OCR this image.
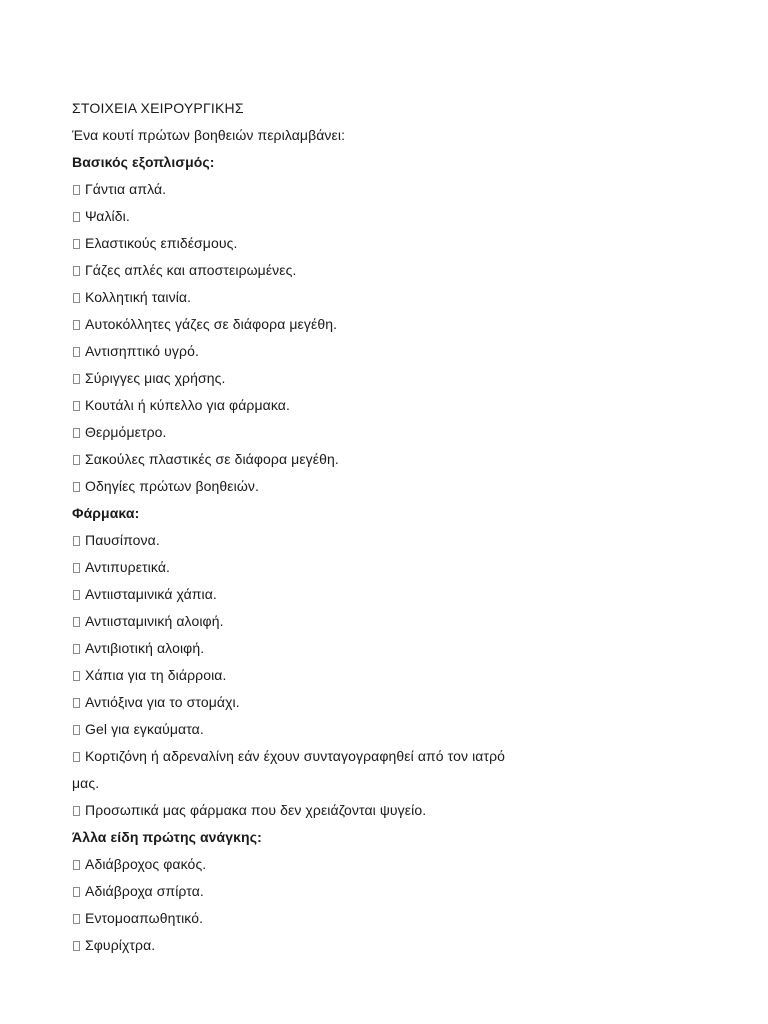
ΣΤΟΙΧΕΙΑ ΧΕΙΡΟΥΡΓΙΚΗΣ
Ένα κουτί πρώτων βοηθειών περιλαμβάνει:
Βασικός εξοπλισμός:
Γάντια απλά.
Ψαλίδι.
Ελαστικούς επιδέσμους.
Γάζες απλές και αποστειρωμένες.
Κολλητική ταινία.
Αυτοκόλλητες γάζες σε διάφορα μεγέθη.
Αντισηπτικό υγρό.
Σύριγγες μιας χρήσης.
Κουτάλι ή κύπελλο για φάρμακα.
Θερμόμετρο.
Σακούλες πλαστικές σε διάφορα μεγέθη.
Οδηγίες πρώτων βοηθειών.
Φάρμακα:
Παυσίπονα.
Αντιπυρετικά.
Αντιισταμινικά χάπια.
Αντιισταμινική αλοιφή.
Αντιβιοτική αλοιφή.
Χάπια για τη διάρροια.
Αντιόξινα για το στομάχι.
Gel για εγκαύματα.
Κορτιζόνη ή αδρεναλίνη εάν έχουν συνταγογραφηθεί από τον ιατρό
μας.
Προσωπικά μας φάρμακα που δεν χρειάζονται ψυγείο.
Άλλα είδη πρώτης ανάγκης:
Αδιάβροχος φακός.
Αδιάβροχα σπίρτα.
Εντομοαπωθητικό.
Σφυρίχτρα.
